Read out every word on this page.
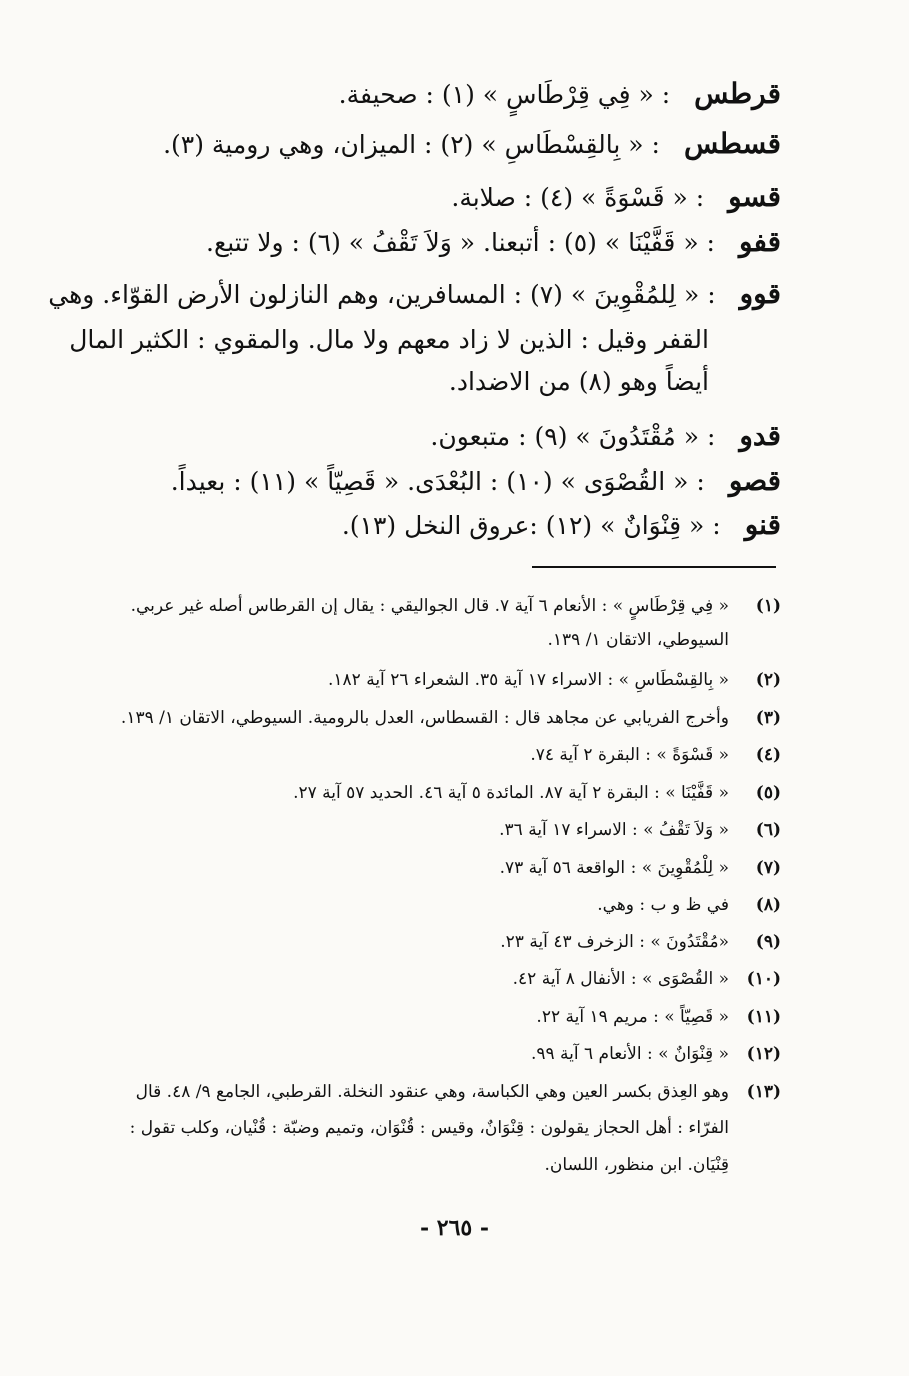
قرطس: « فِي قِرْطَاسٍ » (١) : صحيفة.
قسطس: « بِالقِسْطَاسِ » (٢) : الميزان، وهي رومية (٣).
قسو: « قَسْوَةً » (٤) : صلابة.
قفو: « قَفَّيْنَا » (٥) : أتبعنا. « وَلاَ تَقْفُ » (٦) : ولا تتبع.
قوو: « لِلمُقْوِينَ » (٧) : المسافرين، وهم النازلون الأرض القوّاء. وهي
القفر وقيل : الذين لا زاد معهم ولا مال. والمقوي : الكثير المال
أيضاً وهو (٨) من الاضداد.
قدو: « مُقْتَدُونَ » (٩) : متبعون.
قصو: « القُصْوَى » (١٠) : البُعْدَى. « قَصِيّاً » (١١) : بعيداً.
قنو: « قِنْوَانٌ » (١٢) :عروق النخل (١٣).
(١)« فِي قِرْطَاسٍ » : الأنعام ٦ آية ٧. قال الجواليقي : يقال إن القرطاس أصله غير عربي.
السيوطي، الاتقان ١/ ١٣٩.
(٢)« بِالقِسْطَاسِ » : الاسراء ١٧ آية ٣٥. الشعراء ٢٦ آية ١٨٢.
(٣)وأخرج الفريابي عن مجاهد قال : القسطاس، العدل بالرومية. السيوطي، الاتقان ١/ ١٣٩.
(٤)« قَسْوَةً » : البقرة ٢ آية ٧٤.
(٥)« قَفَّيْنَا » : البقرة ٢ آية ٨٧. المائدة ٥ آية ٤٦. الحديد ٥٧ آية ٢٧.
(٦)« وَلاَ تَقْفُ » : الاسراء ١٧ آية ٣٦.
(٧)« لِلْمُقْوِينَ » : الواقعة ٥٦ آية ٧٣.
(٨)في ظ و ب : وهي.
(٩)«مُقْتَدُونَ » : الزخرف ٤٣ آية ٢٣.
(١٠)« القُصْوَى » : الأنفال ٨ آية ٤٢.
(١١)« قَصِيّاً » : مريم ١٩ آية ٢٢.
(١٢)« قِنْوَانٌ » : الأنعام ٦ آية ٩٩.
(١٣)وهو العِذق بكسر العين وهي الكباسة، وهي عنقود النخلة. القرطبي، الجامع ٩/ ٤٨. قال
الفرّاء : أهل الحجاز يقولون : قِنْوَانٌ، وقيس : قُنْوَان، وتميم وضبّة : قُنْيان، وكلب تقول :
قِنْيَان. ابن منظور، اللسان.
- ٢٦٥ -
